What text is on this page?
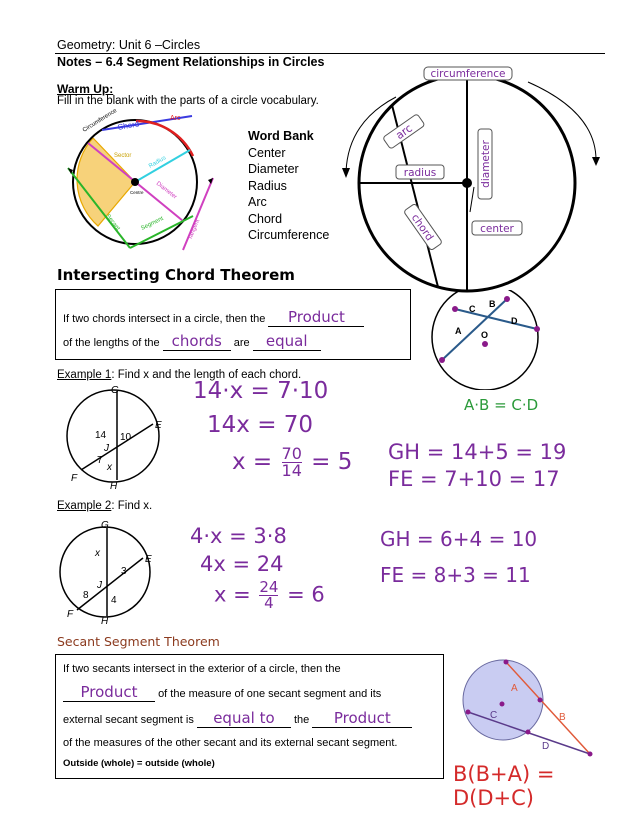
Geometry: Unit 6 –Circles
Notes – 6.4 Segment Relationships in Circles
Warm Up:
Fill in the blank with the parts of a circle vocabulary.
Circumference
Chord
Arc
Sector	Radius
Centre Diameter
Secant	Segment	Tangent
Word Bank
Center
Diameter
Radius
Arc
Chord
Circumference
circumference
arc
radius
chord
diameter
center
Intersecting Chord Theorem
If two chords intersect in a circle, then the Product
of the lengths of the chords are equal
C B
A O
D
A·B = C·D
Example 1: Find x and the length of each chord.
G
E
14 10
J
7
x
F
H
14·x = 7·10
14x = 70
$x = \frac{70}{14} = 5$ GH = 14+5 = 19
FE = 7+10 = 17
Example 2: Find x.
G
x
E
3
J
8 4
F
H
4·x = 3·8
4x = 24
$x = \frac{24}{4} = 6$
GH = 6+4 = 10
FE = 8+3 = 11
Secant Segment Theorem
If two secants intersect in the exterior of a circle, then the
Product of the measure of one secant segment and its
external secant segment is equal to the Product
of the measures of the other secant and its external secant segment.
Outside (whole) = outside (whole)
A
C	B
D
B(B+A) = D(D+C)
